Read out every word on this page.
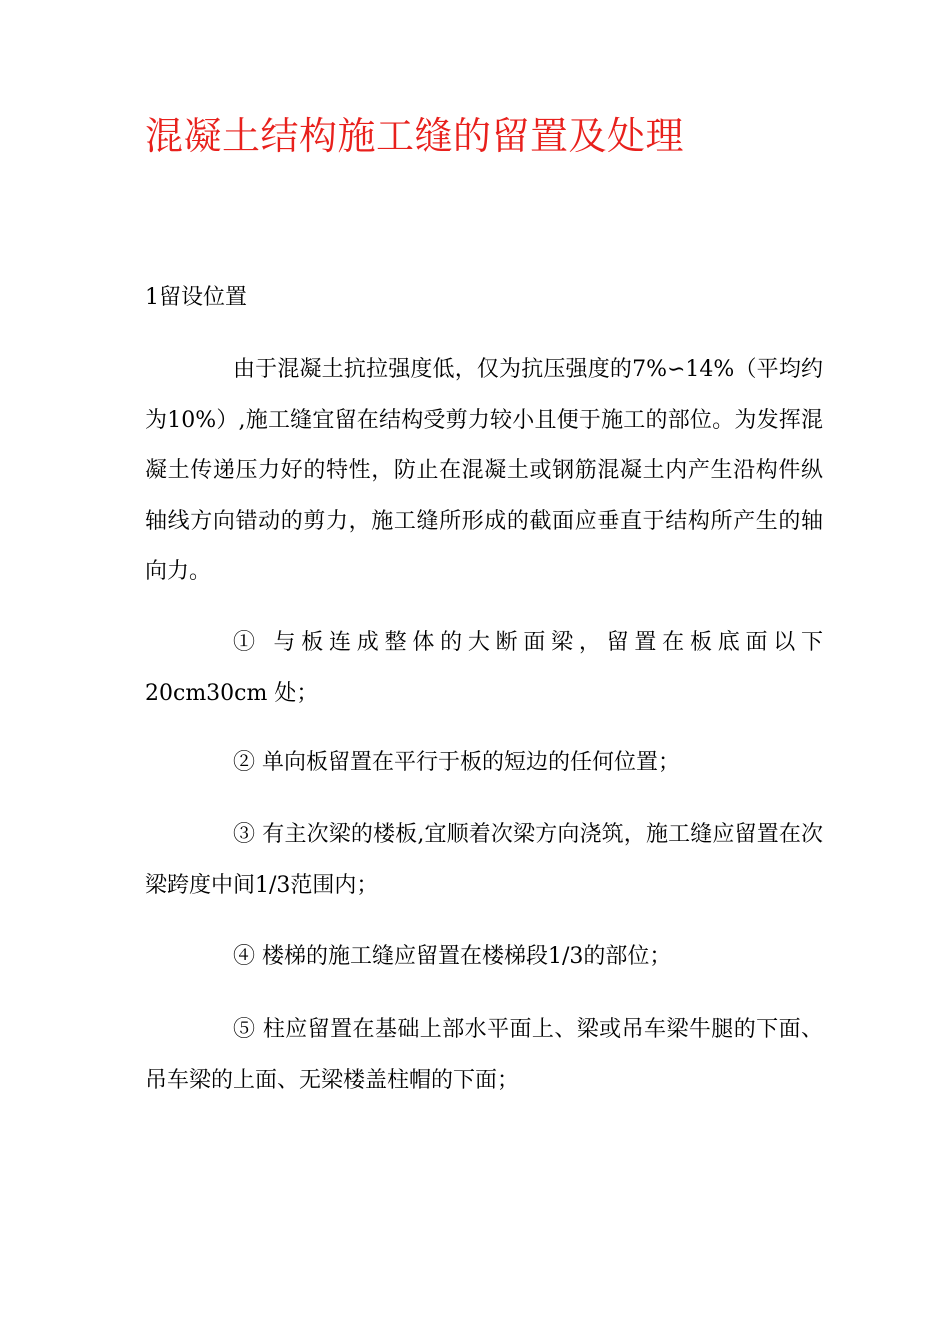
混凝土结构施工缝的留置及处理

1留设位置

由于混凝土抗拉强度低，仅为抗压强度的7%∽14%（平均约为10%）,施工缝宜留在结构受剪力较小且便于施工的部位。为发挥混凝土传递压力好的特性，防止在混凝土或钢筋混凝土内产生沿构件纵轴线方向错动的剪力，施工缝所形成的截面应垂直于结构所产生的轴向力。

① 与板连成整体的大断面梁，留置在板底面以下20cm30cm 处；

② 单向板留置在平行于板的短边的任何位置；

③ 有主次梁的楼板,宜顺着次梁方向浇筑，施工缝应留置在次梁跨度中间1/3范围内；

④ 楼梯的施工缝应留置在楼梯段1/3的部位；

⑤ 柱应留置在基础上部水平面上、梁或吊车梁牛腿的下面、吊车梁的上面、无梁楼盖柱帽的下面；
